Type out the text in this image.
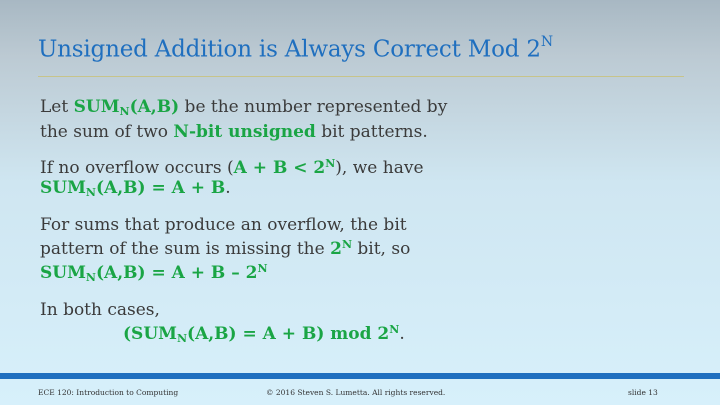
Unsigned Addition is Always Correct Mod $2^N$

Let $SUM_N(A,B)$ be the number represented by
the sum of two N-bit unsigned bit patterns.

If no overflow occurs $(A + B < 2^N)$, we have
$SUM_N(A,B) = A + B$.

For sums that produce an overflow, the bit
pattern of the sum is missing the $2^N$ bit, so
$SUM_N(A,B) = A + B - 2^N$

In both cases,

$(SUM_N(A,B) = A + B)$ mod $2^N$.

ECE 120: Introduction to Computing	© 2016 Steven S. Lumetta. All rights reserved.	slide 13
